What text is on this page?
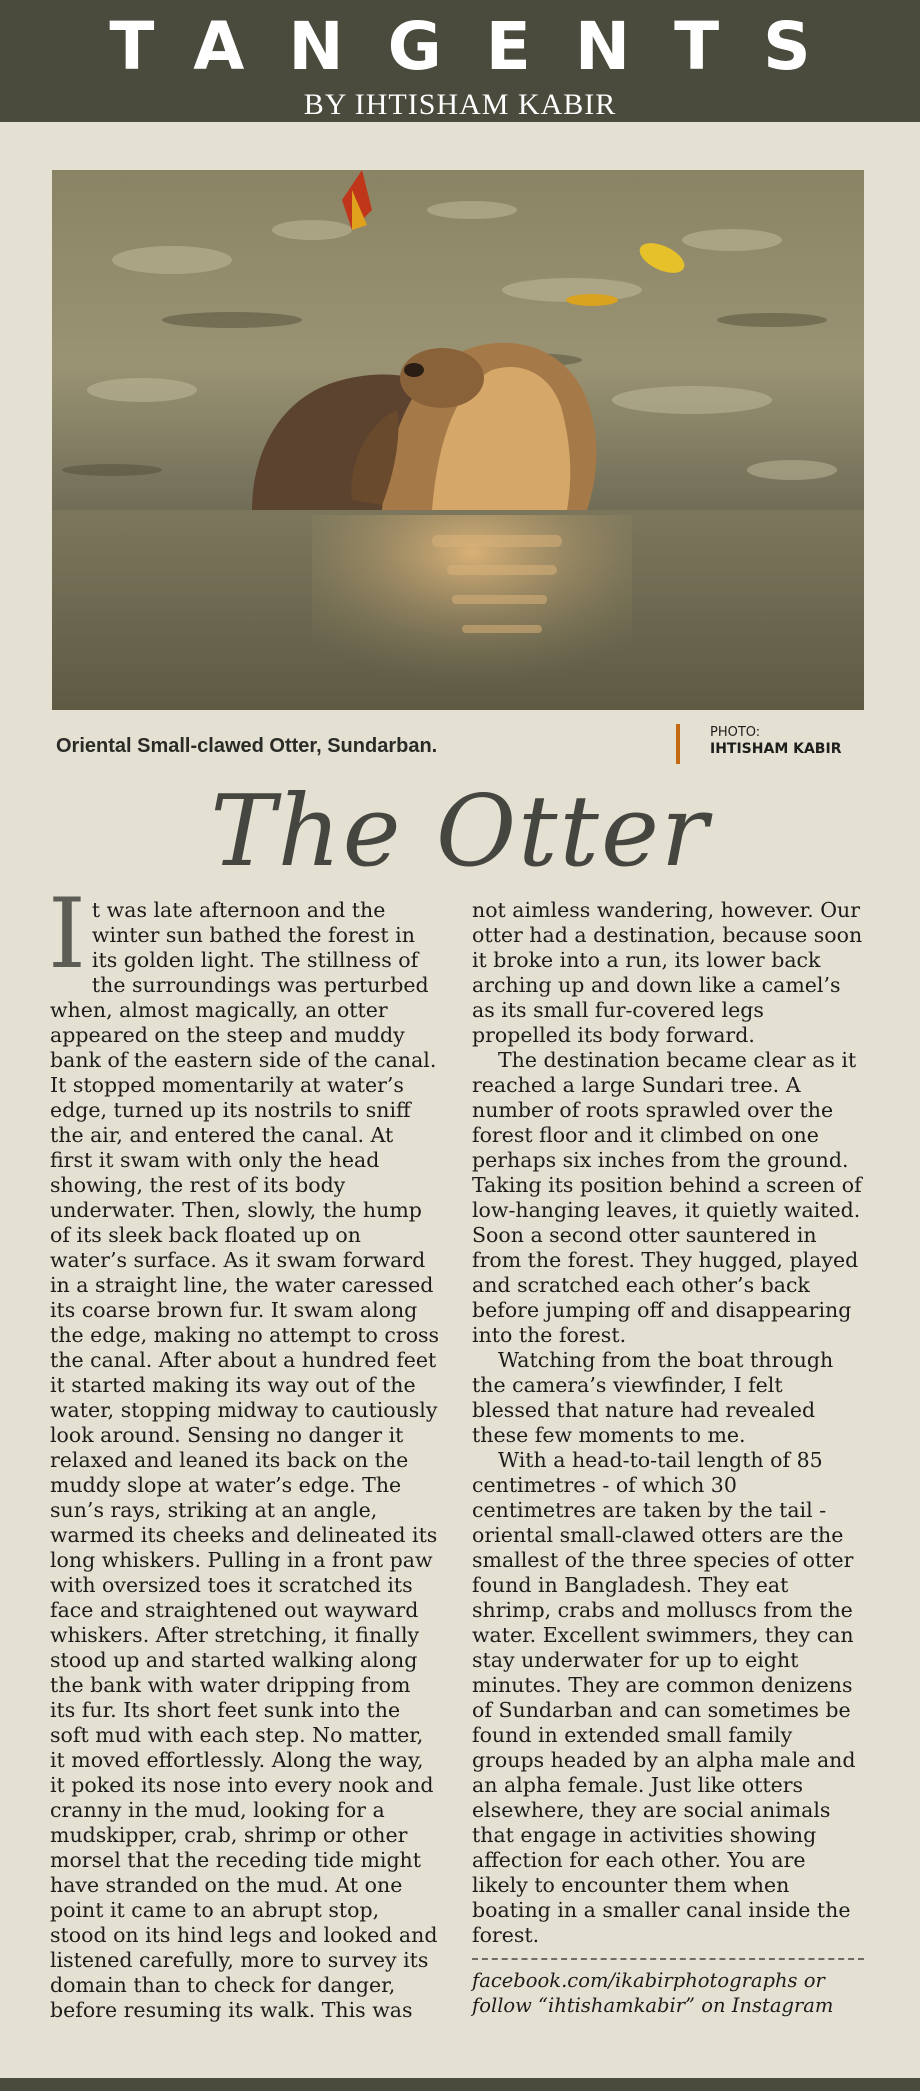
TANGENTS
BY IHTISHAM KABIR
Oriental Small-clawed Otter, Sundarban.
PHOTO:
IHTISHAM KABIR
The Otter
I t was late afternoon and the winter sun bathed the forest in its golden light. The stillness of the surroundings was perturbed when, almost magically, an otter appeared on the steep and muddy bank of the eastern side of the canal. It stopped momentarily at water’s edge, turned up its nostrils to sniff the air, and entered the canal. At first it swam with only the head showing, the rest of its body underwater. Then, slowly, the hump of its sleek back floated up on water’s surface. As it swam forward in a straight line, the water caressed its coarse brown fur. It swam along the edge, making no attempt to cross the canal. After about a hundred feet it started making its way out of the water, stopping midway to cautiously look around. Sensing no danger it relaxed and leaned its back on the muddy slope at water’s edge. The sun’s rays, striking at an angle, warmed its cheeks and delineated its long whiskers. Pulling in a front paw with oversized toes it scratched its face and straightened out wayward whiskers. After stretching, it finally stood up and started walking along the bank with water dripping from its fur. Its short feet sunk into the soft mud with each step. No matter, it moved effortlessly. Along the way, it poked its nose into every nook and cranny in the mud, looking for a mudskipper, crab, shrimp or other morsel that the receding tide might have stranded on the mud. At one point it came to an abrupt stop, stood on its hind legs and looked and listened carefully, more to survey its domain than to check for danger, before resuming its walk. This was

not aimless wandering, however. Our otter had a destination, because soon it broke into a run, its lower back arching up and down like a camel’s as its small fur-covered legs propelled its body forward.

The destination became clear as it reached a large Sundari tree. A number of roots sprawled over the forest floor and it climbed on one perhaps six inches from the ground. Taking its position behind a screen of low-hanging leaves, it quietly waited. Soon a second otter sauntered in from the forest. They hugged, played and scratched each other’s back before jumping off and disappearing into the forest.

Watching from the boat through the camera’s viewfinder, I felt blessed that nature had revealed these few moments to me.

With a head-to-tail length of 85 centimetres - of which 30 centimetres are taken by the tail - oriental small-clawed otters are the smallest of the three species of otter found in Bangladesh. They eat shrimp, crabs and molluscs from the water. Excellent swimmers, they can stay underwater for up to eight minutes. They are common denizens of Sundarban and can sometimes be found in extended small family groups headed by an alpha male and an alpha female. Just like otters elsewhere, they are social animals that engage in activities showing affection for each other. You are likely to encounter them when boating in a smaller canal inside the forest.

facebook.com/ikabirphotographs or follow “ihtishamkabir” on Instagram
